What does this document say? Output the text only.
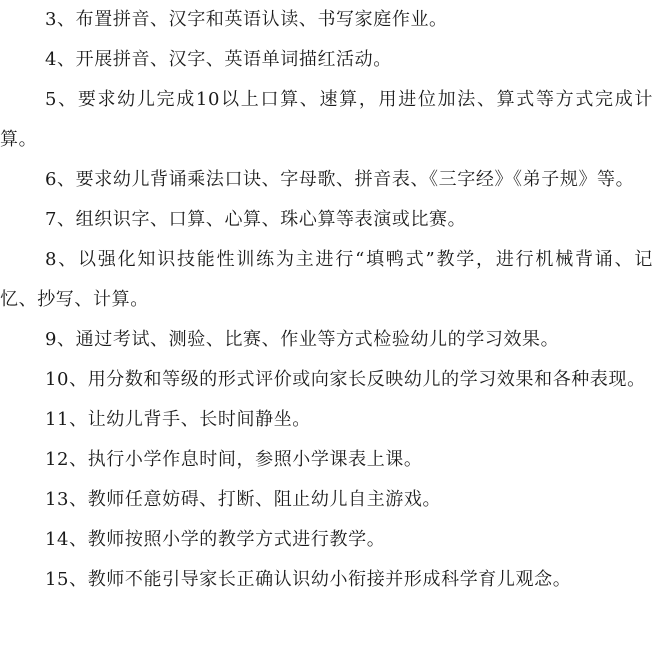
3、布置拼音、汉字和英语认读、书写家庭作业。

4、开展拼音、汉字、英语单词描红活动。

5、要求幼儿完成10以上口算、速算，用进位加法、算式等方式完成计算。

6、要求幼儿背诵乘法口诀、字母歌、拼音表、《三字经》《弟子规》等。

7、组织识字、口算、心算、珠心算等表演或比赛。

8、以强化知识技能性训练为主进行“填鸭式”教学，进行机械背诵、记忆、抄写、计算。

9、通过考试、测验、比赛、作业等方式检验幼儿的学习效果。

10、用分数和等级的形式评价或向家长反映幼儿的学习效果和各种表现。

11、让幼儿背手、长时间静坐。

12、执行小学作息时间，参照小学课表上课。

13、教师任意妨碍、打断、阻止幼儿自主游戏。

14、教师按照小学的教学方式进行教学。

15、教师不能引导家长正确认识幼小衔接并形成科学育儿观念。
